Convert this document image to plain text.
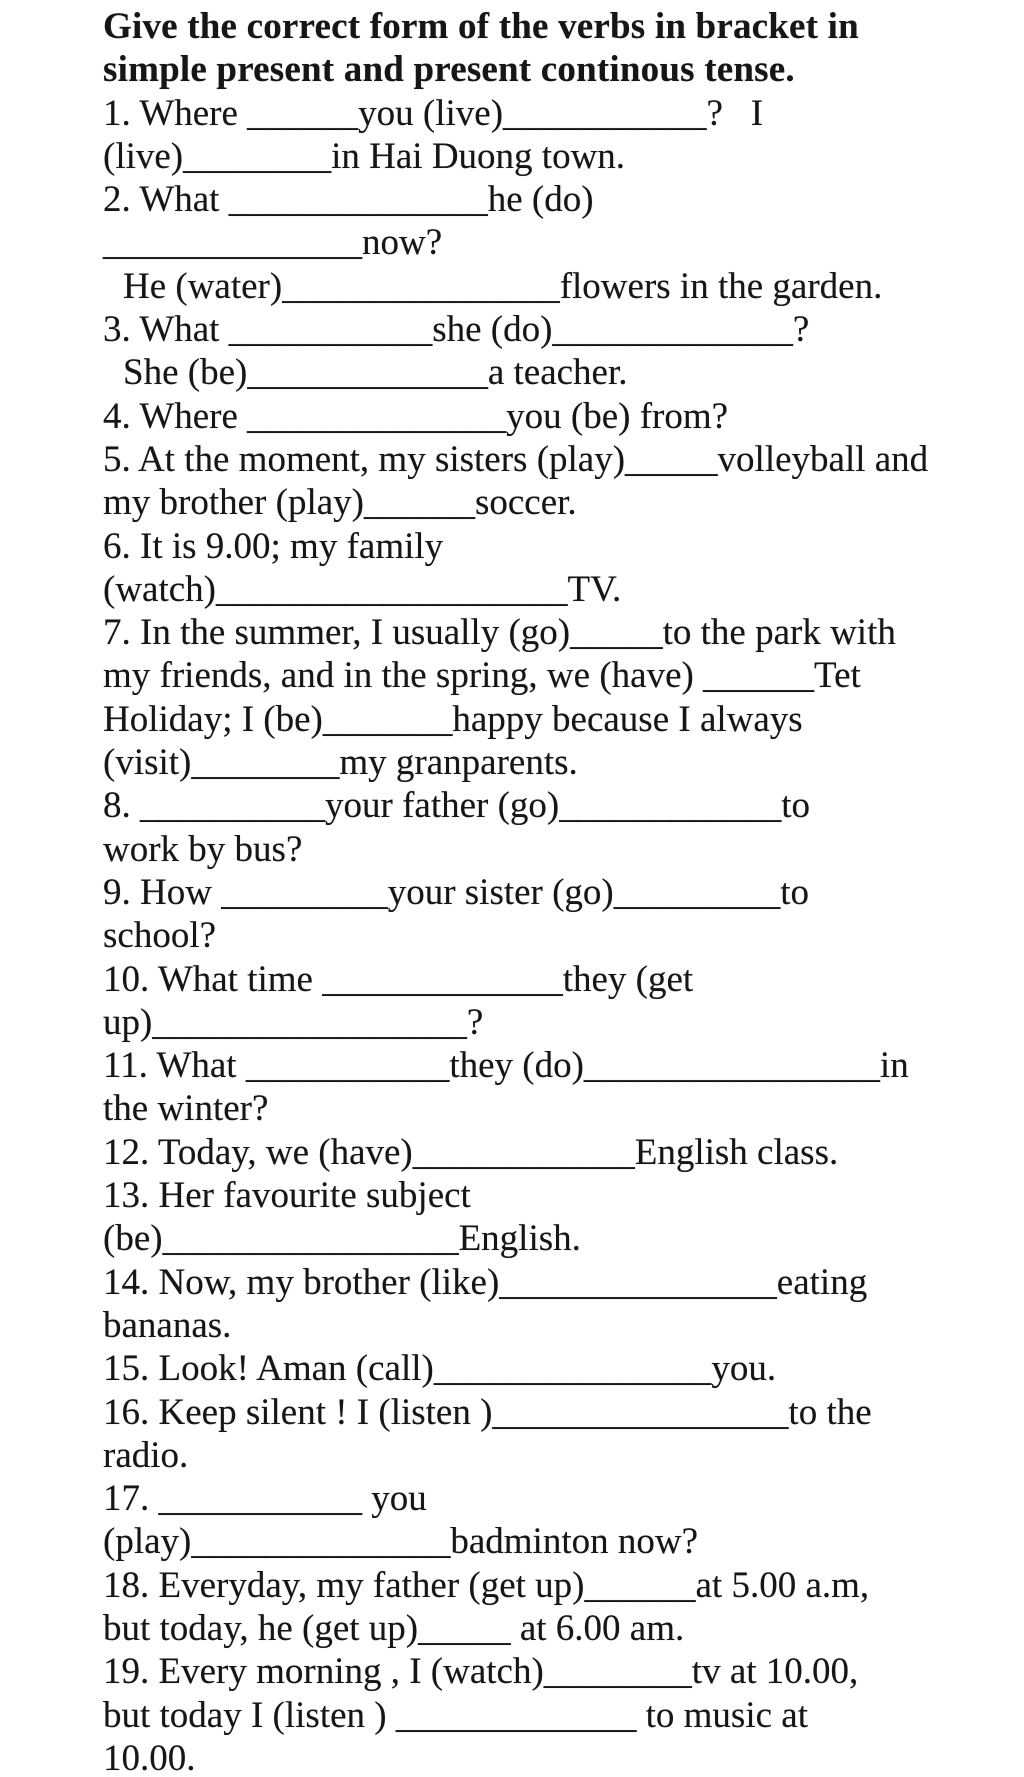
Give the correct form of the verbs in bracket in
simple present and present continous tense.
1. Where ______you (live)___________?   I
(live)________in Hai Duong town.
2. What ______________he (do)
______________now?
He (water)_______________flowers in the garden.
3. What ___________she (do)_____________?
She (be)_____________a teacher.
4. Where ______________you (be) from?
5. At the moment, my sisters (play)_____volleyball and
my brother (play)______soccer.
6. It is 9.00; my family
(watch)___________________TV.
7. In the summer, I usually (go)_____to the park with
my friends, and in the spring, we (have) ______Tet
Holiday; I (be)_______happy because I always
(visit)________my granparents.
8. __________your father (go)____________to
work by bus?
9. How _________your sister (go)_________to
school?
10. What time _____________they (get
up)_________________?
11. What ___________they (do)________________in
the winter?
12. Today, we (have)____________English class.
13. Her favourite subject
(be)________________English.
14. Now, my brother (like)_______________eating
bananas.
15. Look! Aman (call)_______________you.
16. Keep silent ! I (listen )________________to the
radio.
17. ___________ you
(play)______________badminton now?
18. Everyday, my father (get up)______at 5.00 a.m,
but today, he (get up)_____ at 6.00 am.
19. Every morning , I (watch)________tv at 10.00,
but today I (listen ) _____________ to music at
10.00.
